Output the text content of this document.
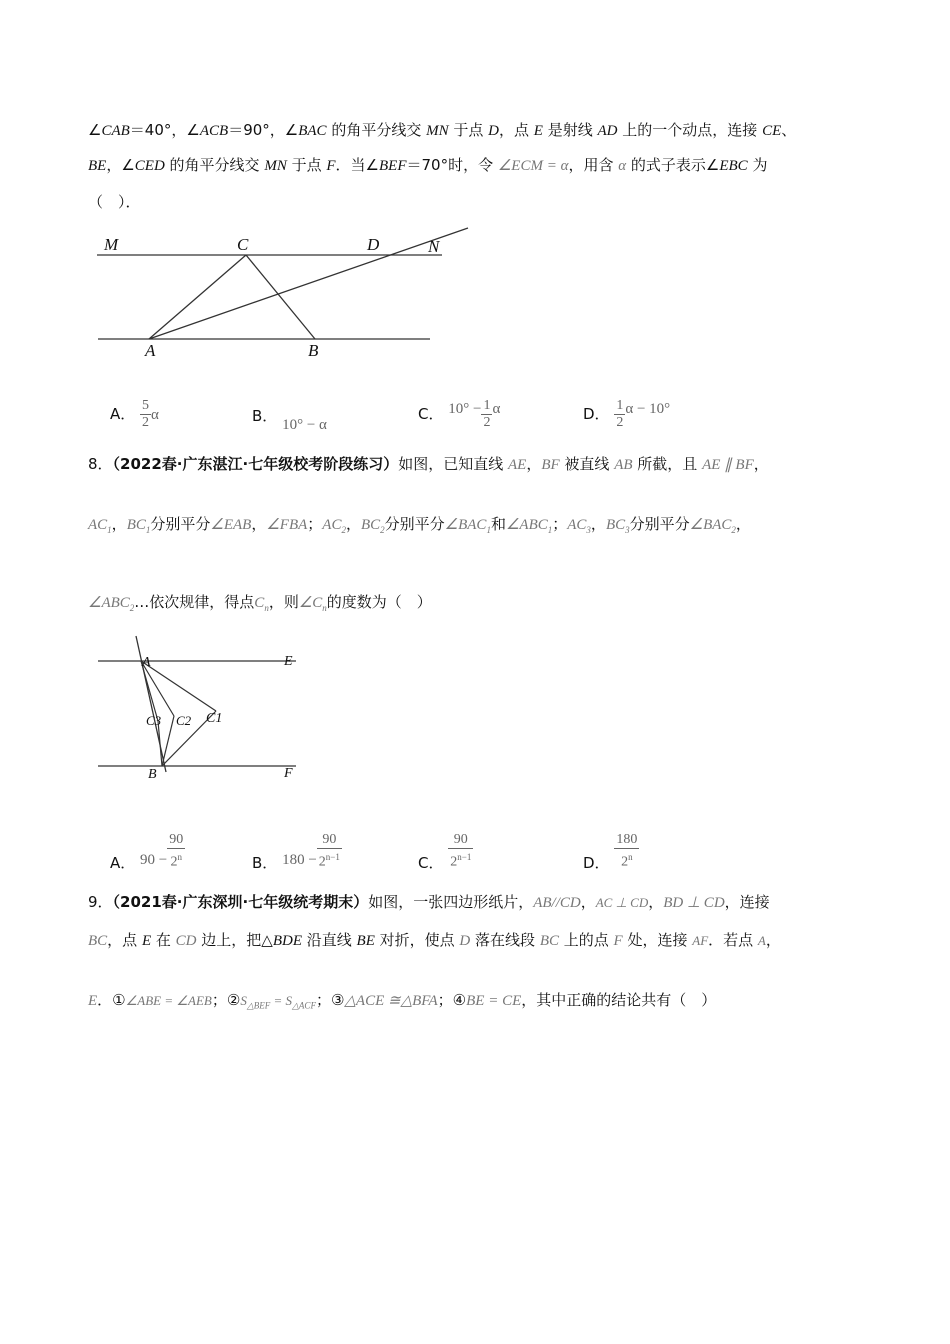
∠CAB＝40°，∠ACB＝90°，∠BAC 的角平分线交 MN 于点 D，点 E 是射线 AD 上的一个动点，连接 CE、
BE，∠CED 的角平分线交 MN 于点 F．当∠BEF＝70°时，令 ∠ECM = α，用含 α 的式子表示∠EBC 为
（　）．
M	C	D	N
A	B
A． $\frac{5}{2}$ α	B． 10° − α
C． $10^\circ - \frac{1}{2}$ α	D． $\frac{1}{2}$ α − 10°
8．（2022春·广东湛江·七年级校考阶段练习）如图，已知直线 AE，BF 被直线 AB 所截，且 AE ∥ BF，
$AC_1$，$BC_1$分别平分∠EAB，∠FBA；$AC_2$，$BC_2$分别平分$\angle BAC_1$和$\angle ABC_1$；$AC_3$，$BC_3$分别平分$\angle BAC_2$，
$\angle ABC_2\dots$依次规律，得点$C_n$，则$\angle C_n$的度数为（　）
A	E
B	F
C1
C2
C3
A． $90 - \frac{90}{2^n}$	B． $180 - \frac{90}{2^{n-1}}$	C． $\frac{90}{2^{n-1}}$	D． $\frac{180}{2^n}$
9．（2021春·广东深圳·七年级统考期末）如图，一张四边形纸片，AB//CD，AC ⊥ CD，BD ⊥ CD，连接
BC，点 E 在 CD 边上，把△BDE 沿直线 BE 对折，使点 D 落在线段 BC 上的点 F 处，连接 AF．若点 A，
E．①∠ABE = ∠AEB；$②S_{\triangle BEF} = S_{\triangle ACF}$；③△ACE ≅△BFA；④BE = CE，其中正确的结论共有（　）
